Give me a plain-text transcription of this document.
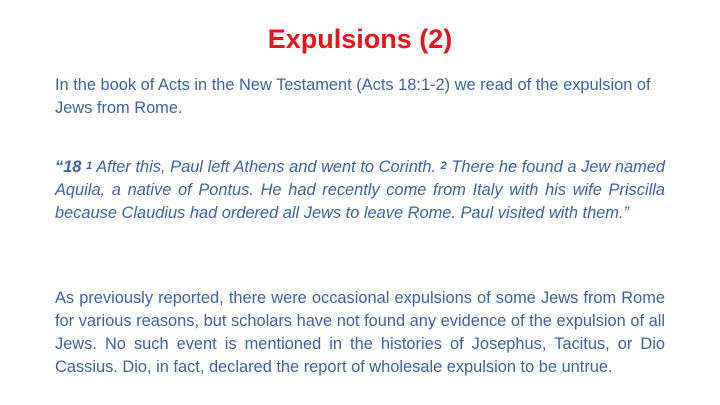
Expulsions (2)

In the book of Acts in the New Testament (Acts 18:1-2) we read of the expulsion of Jews from Rome.

“18 $^1$ After this, Paul left Athens and went to Corinth. $^2$ There he found a Jew named Aquila, a native of Pontus. He had recently come from Italy with his wife Priscilla because Claudius had ordered all Jews to leave Rome. Paul visited with them.”

As previously reported, there were occasional expulsions of some Jews from Rome for various reasons, but scholars have not found any evidence of the expulsion of all Jews. No such event is mentioned in the histories of Josephus, Tacitus, or Dio Cassius. Dio, in fact, declared the report of wholesale expulsion to be untrue.
